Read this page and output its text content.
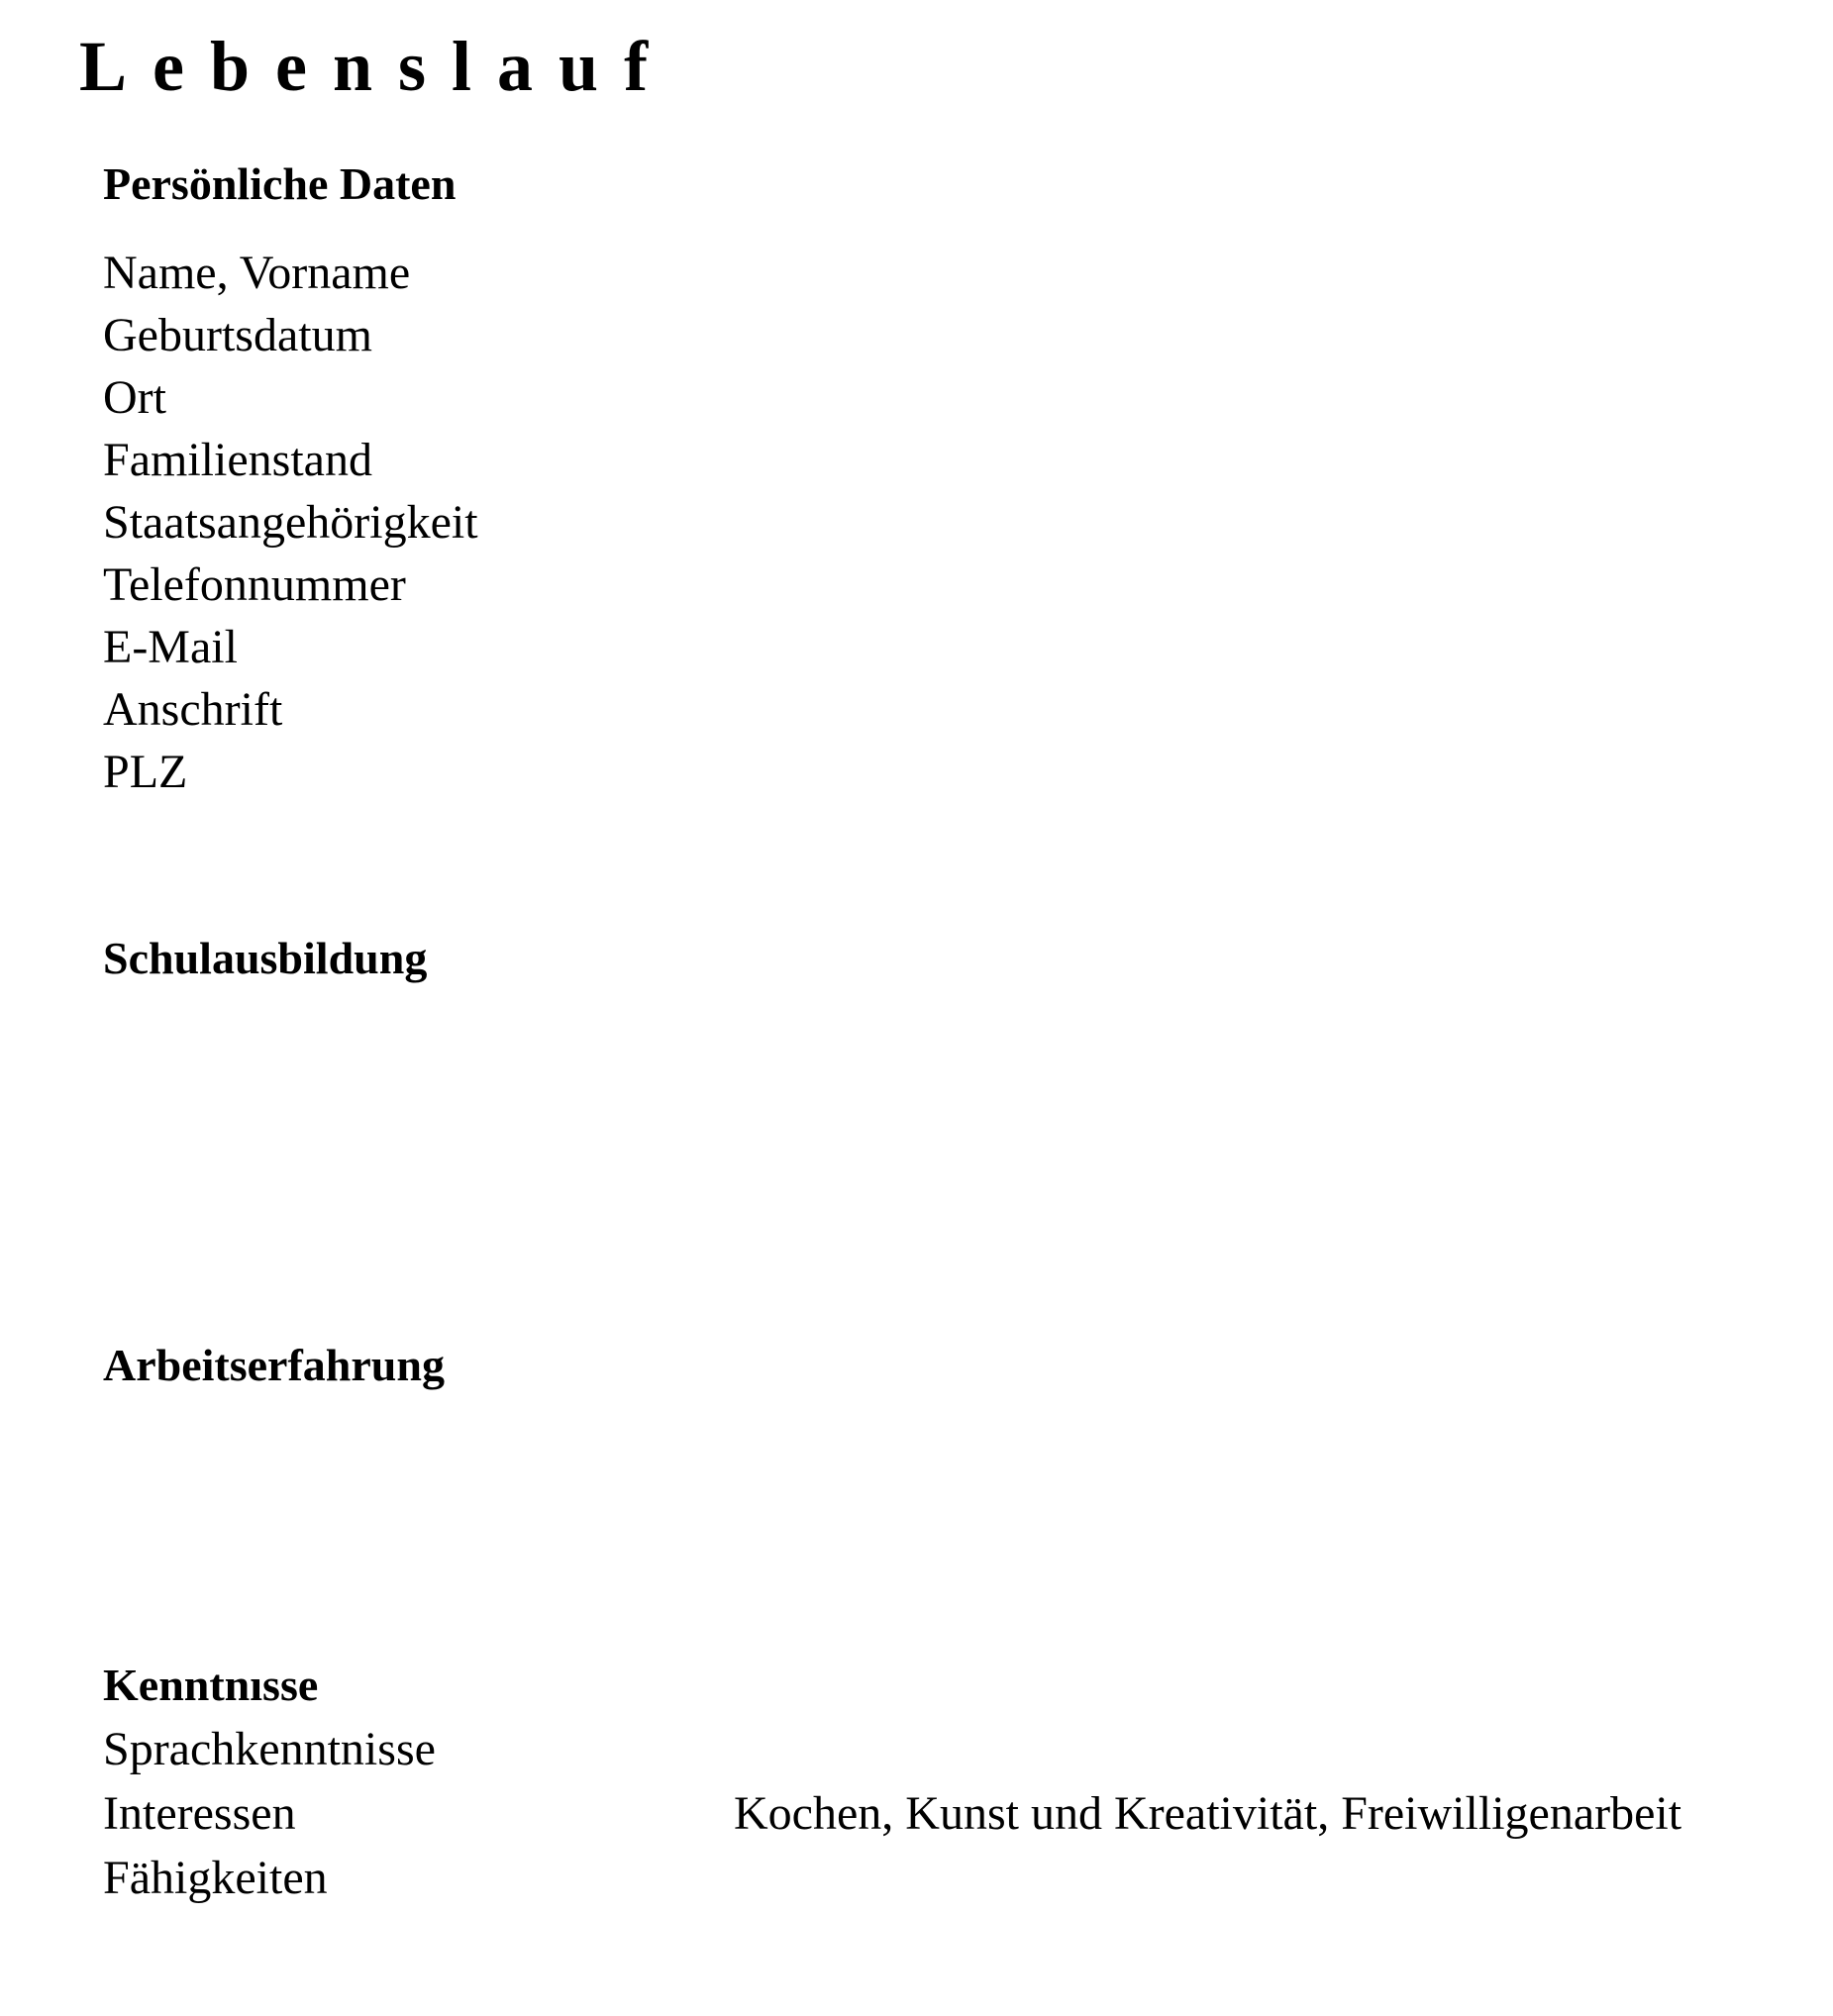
Lebenslauf
Persönliche Daten
Name, Vorname
Geburtsdatum
Ort
Familienstand
Staatsangehörigkeit
Telefonnummer
E-Mail
Anschrift
PLZ
Schulausbildung
Arbeitserfahrung
Kenntnısse
Sprachkenntnisse
Interessen	Kochen, Kunst und Kreativität, Freiwilligenarbeit
Fähigkeiten
